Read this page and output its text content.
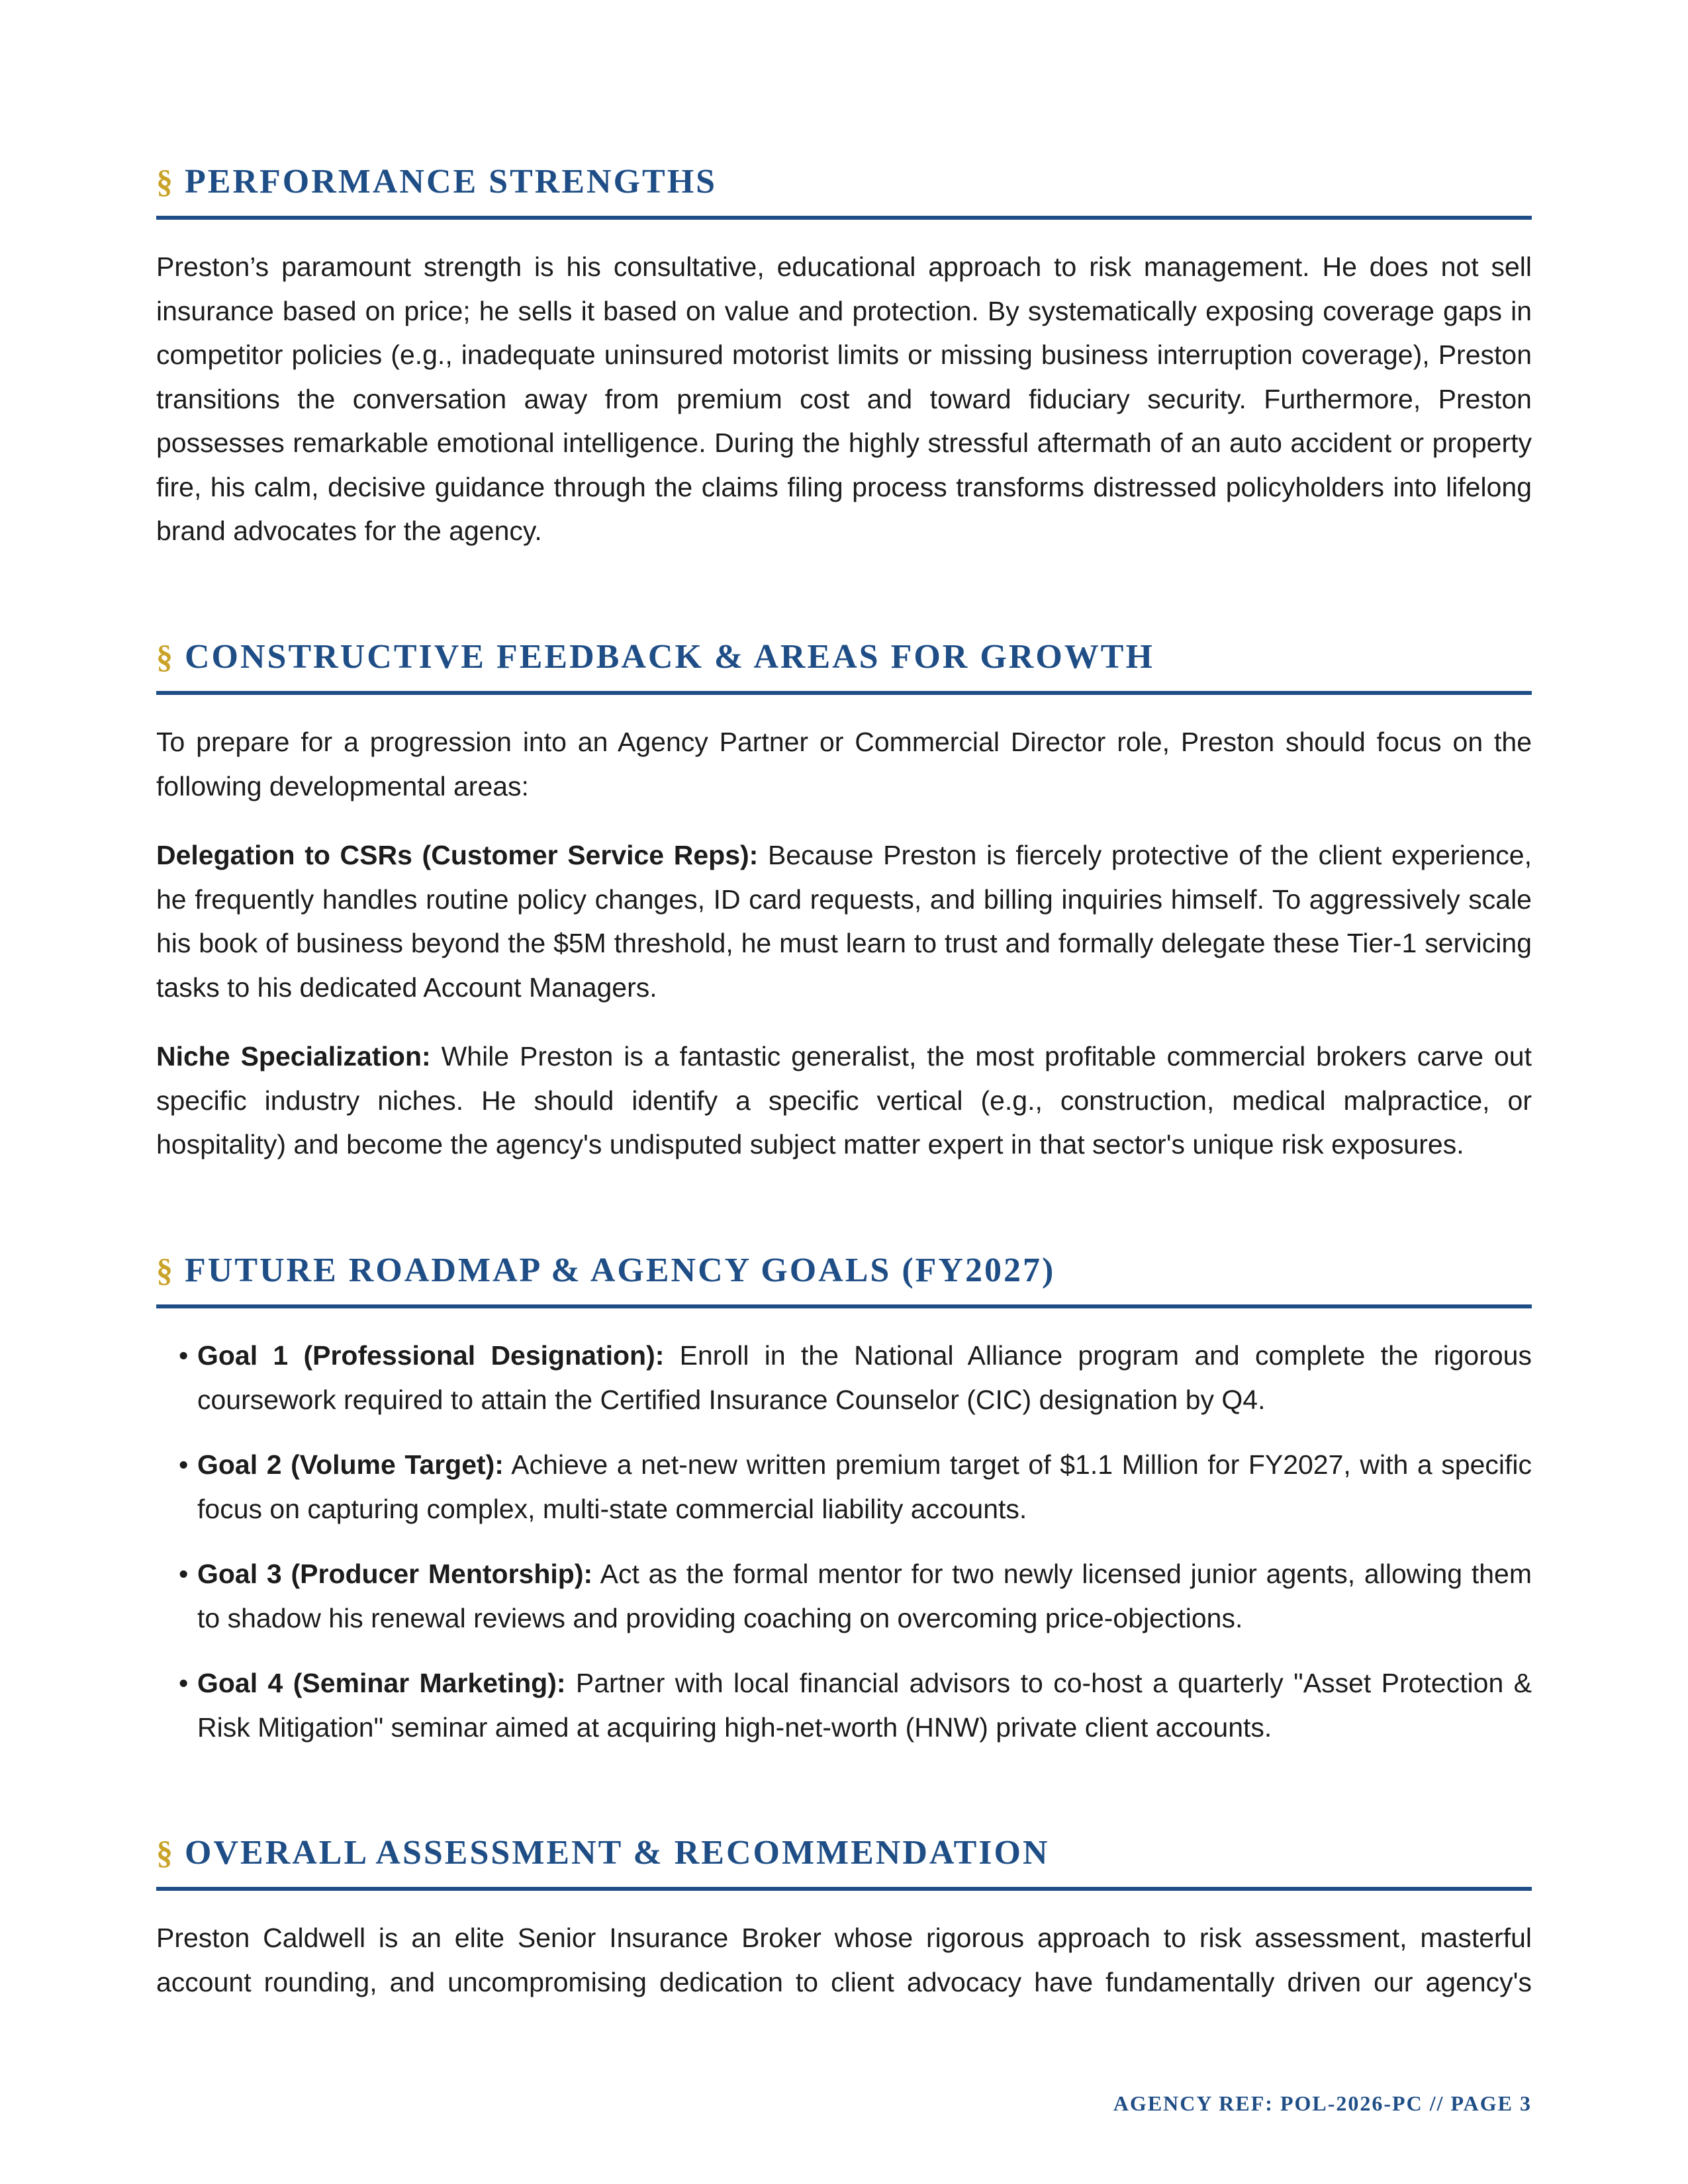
§ PERFORMANCE STRENGTHS

Preston’s paramount strength is his consultative, educational approach to risk management. He does not sell insurance based on price; he sells it based on value and protection. By systematically exposing coverage gaps in competitor policies (e.g., inadequate uninsured motorist limits or missing business interruption coverage), Preston transitions the conversation away from premium cost and toward fiduciary security. Furthermore, Preston possesses remarkable emotional intelligence. During the highly stressful aftermath of an auto accident or property fire, his calm, decisive guidance through the claims filing process transforms distressed policyholders into lifelong brand advocates for the agency.

§ CONSTRUCTIVE FEEDBACK & AREAS FOR GROWTH

To prepare for a progression into an Agency Partner or Commercial Director role, Preston should focus on the following developmental areas:

Delegation to CSRs (Customer Service Reps): Because Preston is fiercely protective of the client experience, he frequently handles routine policy changes, ID card requests, and billing inquiries himself. To aggressively scale his book of business beyond the $5M threshold, he must learn to trust and formally delegate these Tier-1 servicing tasks to his dedicated Account Managers.

Niche Specialization: While Preston is a fantastic generalist, the most profitable commercial brokers carve out specific industry niches. He should identify a specific vertical (e.g., construction, medical malpractice, or hospitality) and become the agency's undisputed subject matter expert in that sector's unique risk exposures.

§ FUTURE ROADMAP & AGENCY GOALS (FY2027)
• Goal 1 (Professional Designation): Enroll in the National Alliance program and complete the rigorous coursework required to attain the Certified Insurance Counselor (CIC) designation by Q4.
• Goal 2 (Volume Target): Achieve a net-new written premium target of $1.1 Million for FY2027, with a specific focus on capturing complex, multi-state commercial liability accounts.
• Goal 3 (Producer Mentorship): Act as the formal mentor for two newly licensed junior agents, allowing them to shadow his renewal reviews and providing coaching on overcoming price-objections.
• Goal 4 (Seminar Marketing): Partner with local financial advisors to co-host a quarterly "Asset Protection & Risk Mitigation" seminar aimed at acquiring high-net-worth (HNW) private client accounts.
§ OVERALL ASSESSMENT & RECOMMENDATION

Preston Caldwell is an elite Senior Insurance Broker whose rigorous approach to risk assessment, masterful account rounding, and uncompromising dedication to client advocacy have fundamentally driven our agency's

AGENCY REF: POL-2026-PC // PAGE 3
